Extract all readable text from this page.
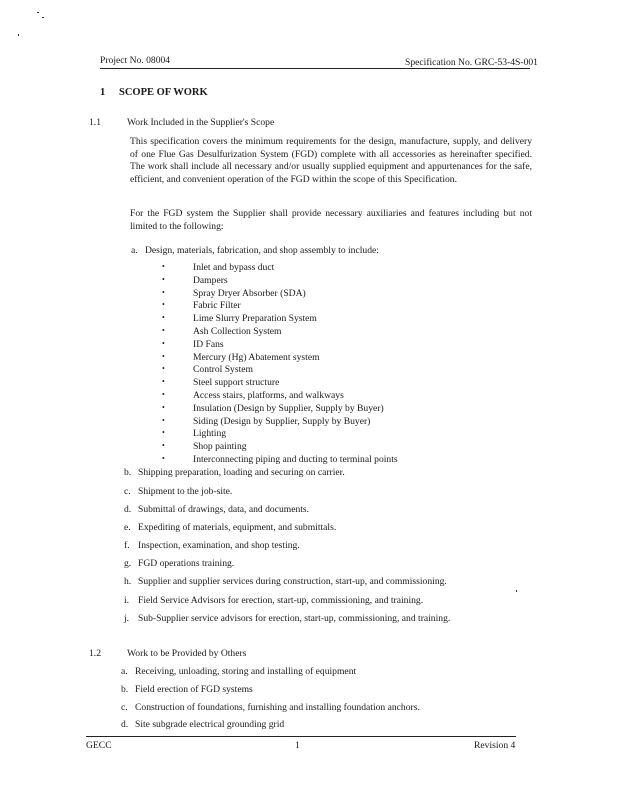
Project No. 08004	Specification No. GRC-53-4S-001
1 SCOPE OF WORK
1.1	Work Included in the Supplier's Scope
This specification covers the minimum requirements for the design, manufacture, supply, and delivery of one Flue Gas Desulfurization System (FGD) complete with all accessories as hereinafter specified. The work shall include all necessary and/or usually supplied equipment and appurtenances for the safe, efficient, and convenient operation of the FGD within the scope of this Specification.
For the FGD system the Supplier shall provide necessary auxiliaries and features including but not limited to the following:
a. Design, materials, fabrication, and shop assembly to include:
•	Inlet and bypass duct
•	Dampers
•	Spray Dryer Absorber (SDA)
•	Fabric Filter
•	Lime Slurry Preparation System
•	Ash Collection System
•	ID Fans
•	Mercury (Hg) Abatement system
•	Control System
•	Steel support structure
•	Access stairs, platforms, and walkways
•	Insulation (Design by Supplier, Supply by Buyer)
•	Siding (Design by Supplier, Supply by Buyer)
•	Lighting
•	Shop painting
•	Interconnecting piping and ducting to terminal points
b. Shipping preparation, loading and securing on carrier.
c. Shipment to the job-site.
d. Submittal of drawings, data, and documents.
e. Expediting of materials, equipment, and submittals.
f. Inspection, examination, and shop testing.
g. FGD operations training.
h. Supplier and supplier services during construction, start-up, and commissioning.
i. Field Service Advisors for erection, start-up, commissioning, and training.
j. Sub-Supplier service advisors for erection, start-up, commissioning, and training.
1.2	Work to be Provided by Others
a. Receiving, unloading, storing and installing of equipment
b. Field erection of FGD systems
c. Construction of foundations, furnishing and installing foundation anchors.
d. Site subgrade electrical grounding grid
GECC	1	Revision 4
